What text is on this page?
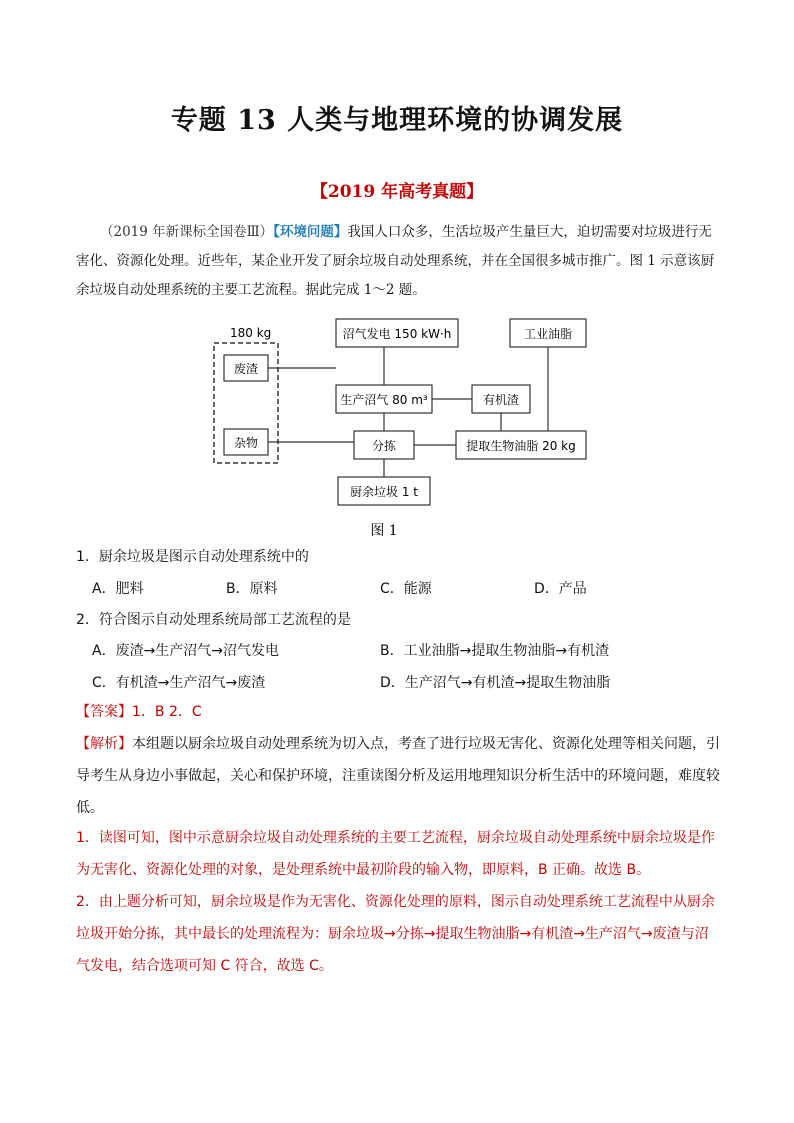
专题 13 人类与地理环境的协调发展
【2019 年高考真题】
（2019 年新课标全国卷Ⅲ）【环境问题】我国人口众多，生活垃圾产生量巨大，迫切需要对垃圾进行无害化、资源化处理。近些年，某企业开发了厨余垃圾自动处理系统，并在全国很多城市推广。图 1 示意该厨余垃圾自动处理系统的主要工艺流程。据此完成 1～2 题。
180 kg
废渣
杂物
沼气发电 150 kW·h
生产沼气 80 m³
分拣
厨余垃圾 1 t
工业油脂
有机渣
提取生物油脂 20 kg
图 1
1．厨余垃圾是图示自动处理系统中的
A．肥料	B．原料	C．能源	D．产品
2．符合图示自动处理系统局部工艺流程的是
A．废渣→生产沼气→沼气发电	B．工业油脂→提取生物油脂→有机渣
C．有机渣→生产沼气→废渣	D．生产沼气→有机渣→提取生物油脂
【答案】1．B 2．C
【解析】本组题以厨余垃圾自动处理系统为切入点，考查了进行垃圾无害化、资源化处理等相关问题，引导考生从身边小事做起，关心和保护环境，注重读图分析及运用地理知识分析生活中的环境问题，难度较低。
1．读图可知，图中示意厨余垃圾自动处理系统的主要工艺流程，厨余垃圾自动处理系统中厨余垃圾是作为无害化、资源化处理的对象，是处理系统中最初阶段的输入物，即原料，B 正确。故选 B。
2．由上题分析可知，厨余垃圾是作为无害化、资源化处理的原料，图示自动处理系统工艺流程中从厨余垃圾开始分拣，其中最长的处理流程为：厨余垃圾→分拣→提取生物油脂→有机渣→生产沼气→废渣与沼气发电，结合选项可知 C 符合，故选 C。
